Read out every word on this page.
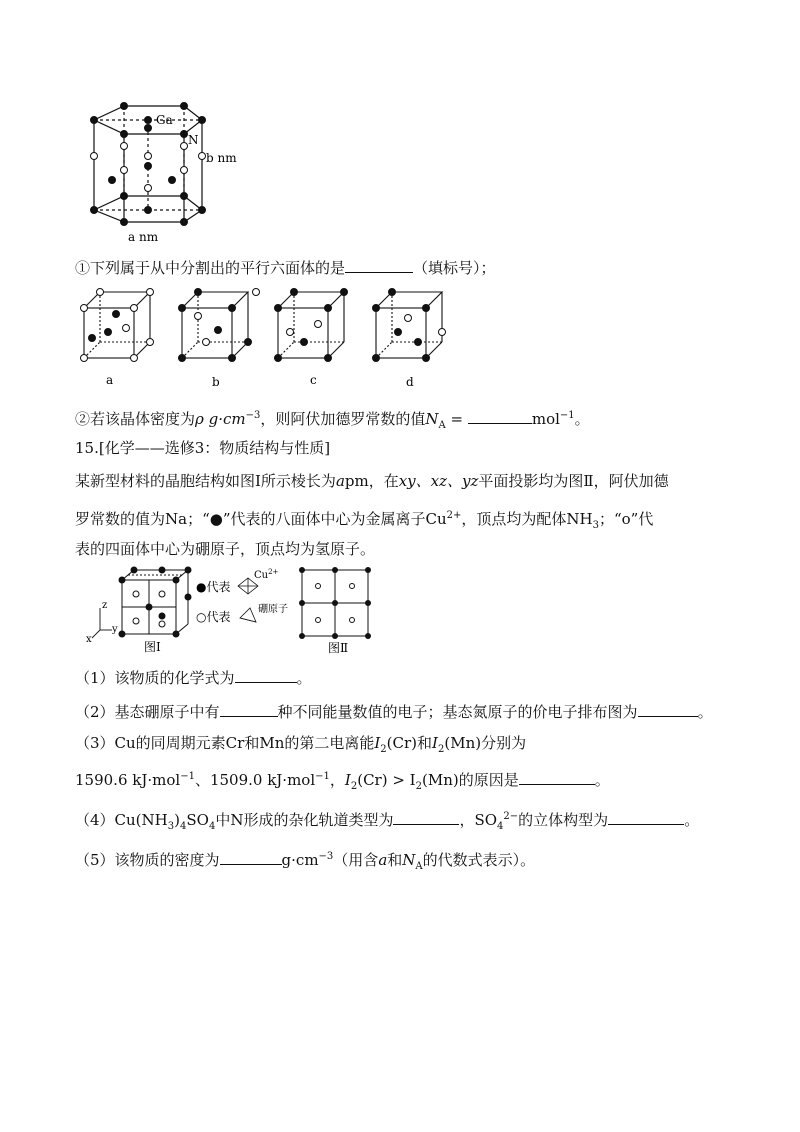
Ga
N
b nm
a nm
①下列属于从中分割出的平行六面体的是	（填标号）；
a	b	c	d
②若该晶体密度为ρ $g\cdot cm^{-3}$，则阿伏加德罗常数的值$N_A$ =	mol$^{-1}$。
15.[化学——选修3：物质结构与性质]
某新型材料的晶胞结构如图Ⅰ所示棱长为apm，在xy、xz、yz平面投影均为图Ⅱ，阿伏加德
罗常数的值为Na；“●”代表的八面体中心为金属离子$Cu^{2+}$，顶点均为配体$NH_3$；“o”代
表的四面体中心为硼原子，顶点均为氢原子。
z
y
x
图Ⅰ
●代表
$Cu^{2+}$
○代表
硼原子
图Ⅱ
（1）该物质的化学式为	。
（2）基态硼原子中有	种不同能量数值的电子；基态氮原子的价电子排布图为	。
（3）Cu的同周期元素Cr和Mn的第二电离能$I_2(Cr)$和$I_2(Mn)$分别为
1590.6 kJ·mol$^{-1}$、1509.0 kJ·mol$^{-1}$，$I_2(Cr) > I_2(Mn)$的原因是	。
$(4)Cu(NH_3)_4SO_4$中N形成的杂化轨道类型为	，$SO_4^{2-}$的立体构型为	。
（5）该物质的密度为	$g\cdot cm^{-3}$（用含a和$N_A$的代数式表示）。
